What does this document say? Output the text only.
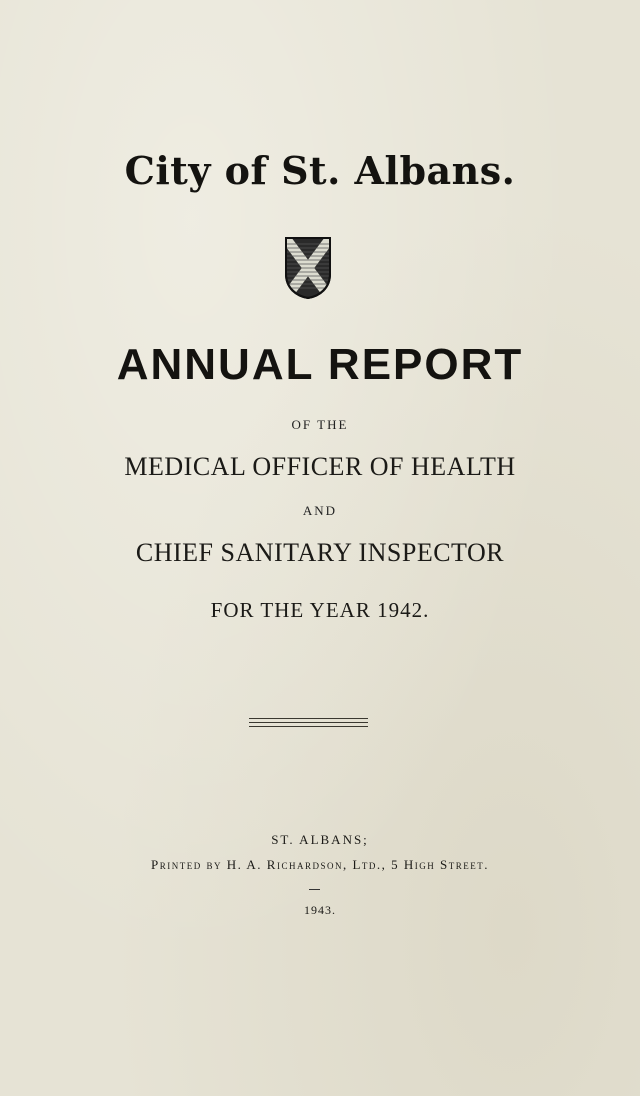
City of St. Albans.
ANNUAL REPORT
OF THE
MEDICAL OFFICER OF HEALTH
AND
CHIEF SANITARY INSPECTOR
FOR THE YEAR 1942.
ST. ALBANS;
Printed by H. A. Richardson, Ltd., 5 High Street.
1943.
